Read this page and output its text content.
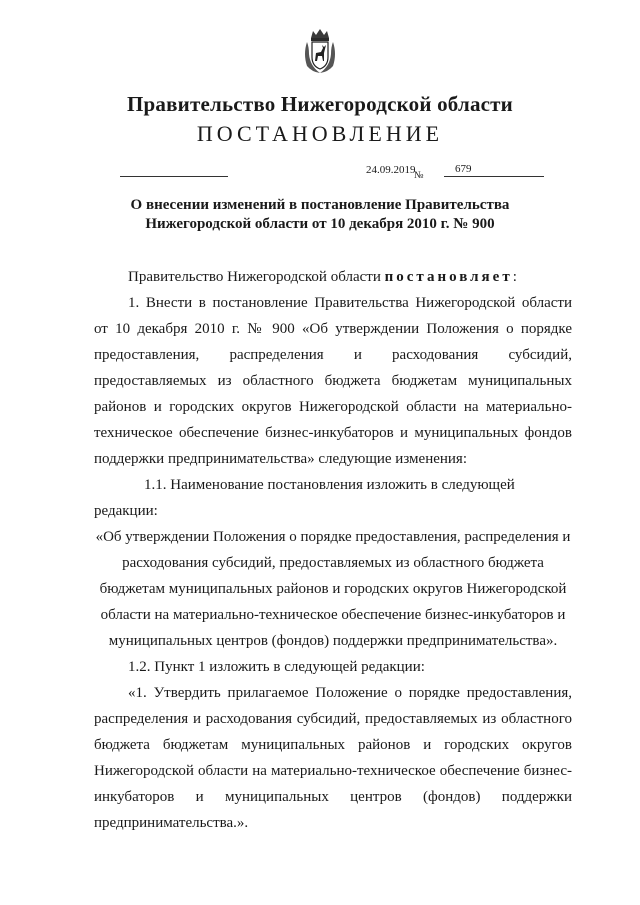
Правительство Нижегородской области
ПОСТАНОВЛЕНИЕ
24.09.2019
№
679
О внесении изменений в постановление Правительства
Нижегородской области от 10 декабря 2010 г. № 900

Правительство Нижегородской области постановляет:

1. Внести в постановление Правительства Нижегородской области от 10 декабря 2010 г. № 900 «Об утверждении Положения о порядке предоставления, распределения и расходования субсидий, предоставляемых из областного бюджета бюджетам муниципальных районов и городских округов Нижегородской области на материально-техническое обеспечение бизнес-инкубаторов и муниципальных фондов поддержки предпринимательства» следующие изменения:

1.1. Наименование постановления изложить в следующей редакции:

«Об утверждении Положения о порядке предоставления, распределения и расходования субсидий, предоставляемых из областного бюджета бюджетам муниципальных районов и городских округов Нижегородской области на материально-техническое обеспечение бизнес-инкубаторов и муниципальных центров (фондов) поддержки предпринимательства».

1.2. Пункт 1 изложить в следующей редакции:

«1. Утвердить прилагаемое Положение о порядке предоставления, распределения и расходования субсидий, предоставляемых из областного бюджета бюджетам муниципальных районов и городских округов Нижегородской области на материально-техническое обеспечение бизнес-инкубаторов и муниципальных центров (фондов) поддержки предпринимательства.».
